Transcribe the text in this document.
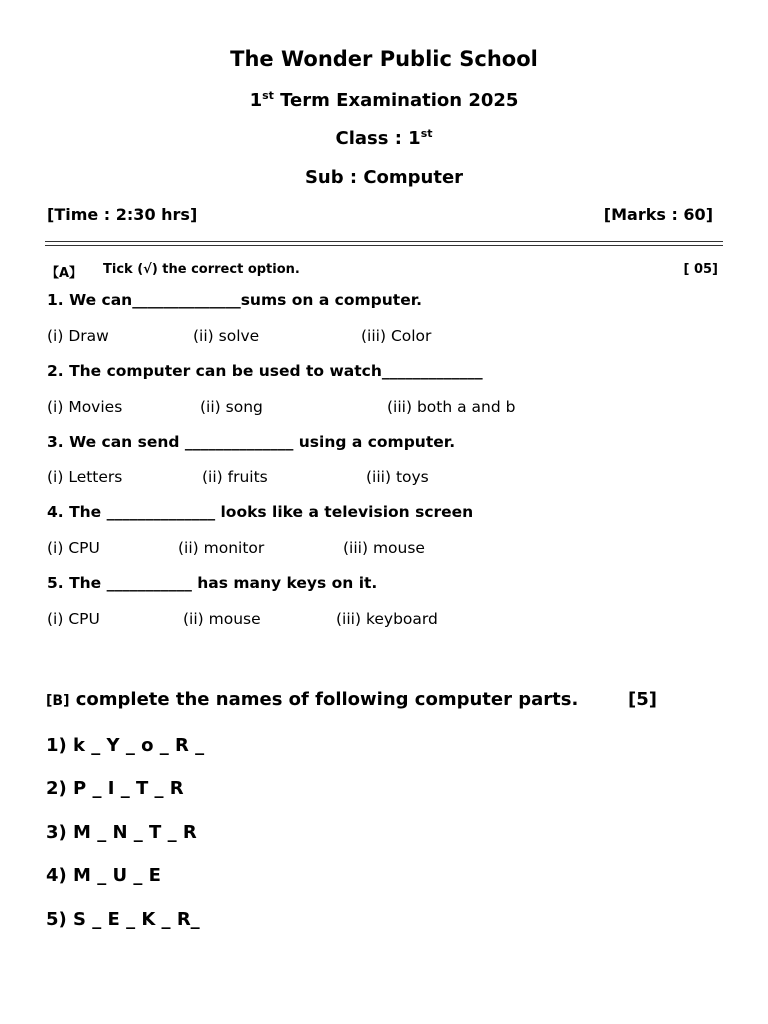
The Wonder Public School
1st Term Examination 2025
Class : 1st
Sub : Computer
[Time : 2:30 hrs]	[Marks : 60]
【A】 Tick (√) the correct option.	[ 05]
1. We can______________sums on a computer.
(i) Draw	(ii) solve	(iii) Color
2. The computer can be used to watch_____________
(i) Movies	(ii) song	(iii) both a and b
3. We can send ______________ using a computer.
(i) Letters	(ii) fruits	(iii) toys
4. The ______________ looks like a television screen
(i) CPU	(ii) monitor	(iii) mouse
5. The ___________ has many keys on it.
(i) CPU	(ii) mouse	(iii) keyboard
[B] complete the names of following computer parts.	[5]
1) k _ Y _ o _ R _
2) P _ I _ T _ R
3) M _ N _ T _ R
4) M _ U _ E
5) S _ E _ K _ R_
